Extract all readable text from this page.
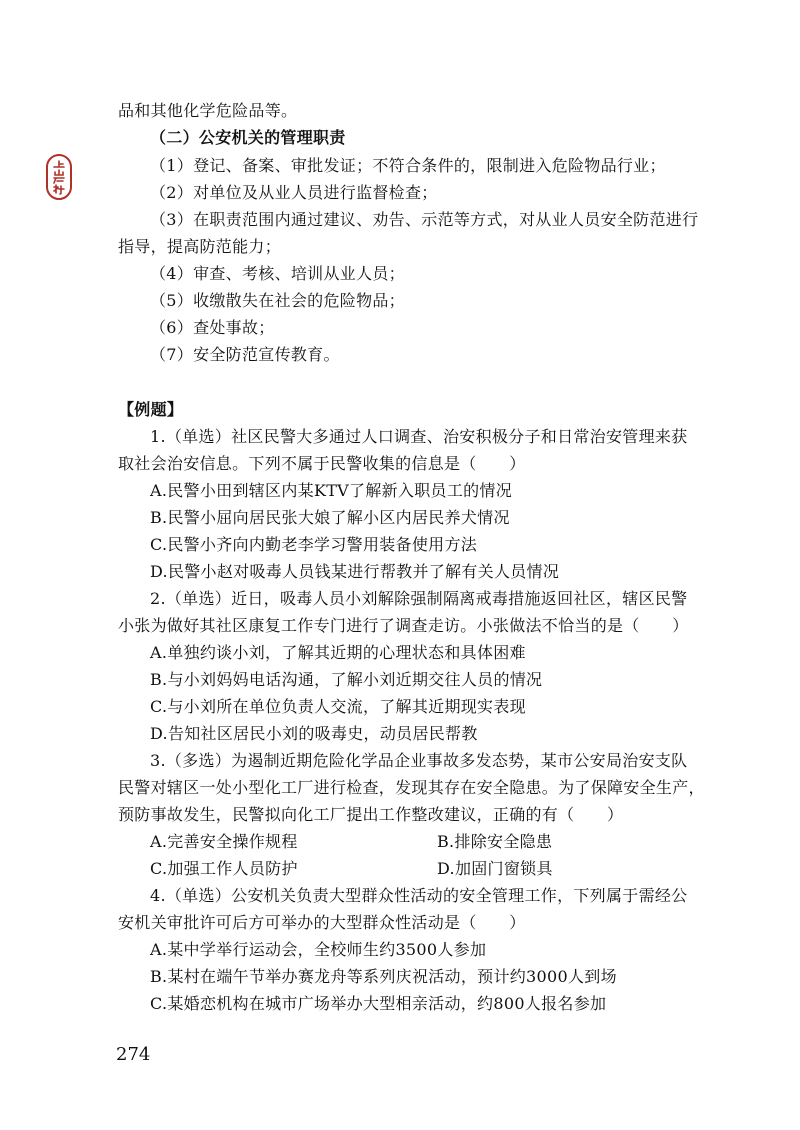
品和其他化学危险品等。
（二）公安机关的管理职责
（1）登记、备案、审批发证；不符合条件的，限制进入危险物品行业；
（2）对单位及从业人员进行监督检查；
（3）在职责范围内通过建议、劝告、示范等方式，对从业人员安全防范进行
指导，提高防范能力；
（4）审查、考核、培训从业人员；
（5）收缴散失在社会的危险物品；
（6）查处事故；
（7）安全防范宣传教育。
【例题】
1.（单选）社区民警大多通过人口调查、治安积极分子和日常治安管理来获
取社会治安信息。下列不属于民警收集的信息是（　　）
A.民警小田到辖区内某KTV了解新入职员工的情况
B.民警小屈向居民张大娘了解小区内居民养犬情况
C.民警小齐向内勤老李学习警用装备使用方法
D.民警小赵对吸毒人员钱某进行帮教并了解有关人员情况
2.（单选）近日，吸毒人员小刘解除强制隔离戒毒措施返回社区，辖区民警
小张为做好其社区康复工作专门进行了调查走访。小张做法不恰当的是（　　）
A.单独约谈小刘，了解其近期的心理状态和具体困难
B.与小刘妈妈电话沟通，了解小刘近期交往人员的情况
C.与小刘所在单位负责人交流，了解其近期现实表现
D.告知社区居民小刘的吸毒史，动员居民帮教
3.（多选）为遏制近期危险化学品企业事故多发态势，某市公安局治安支队
民警对辖区一处小型化工厂进行检查，发现其存在安全隐患。为了保障安全生产，
预防事故发生，民警拟向化工厂提出工作整改建议，正确的有（　　）
A.完善安全操作规程	B.排除安全隐患
C.加强工作人员防护	D.加固门窗锁具
4.（单选）公安机关负责大型群众性活动的安全管理工作，下列属于需经公
安机关审批许可后方可举办的大型群众性活动是（　　）
A.某中学举行运动会，全校师生约3500人参加
B.某村在端午节举办赛龙舟等系列庆祝活动，预计约3000人到场
C.某婚恋机构在城市广场举办大型相亲活动，约800人报名参加
274
